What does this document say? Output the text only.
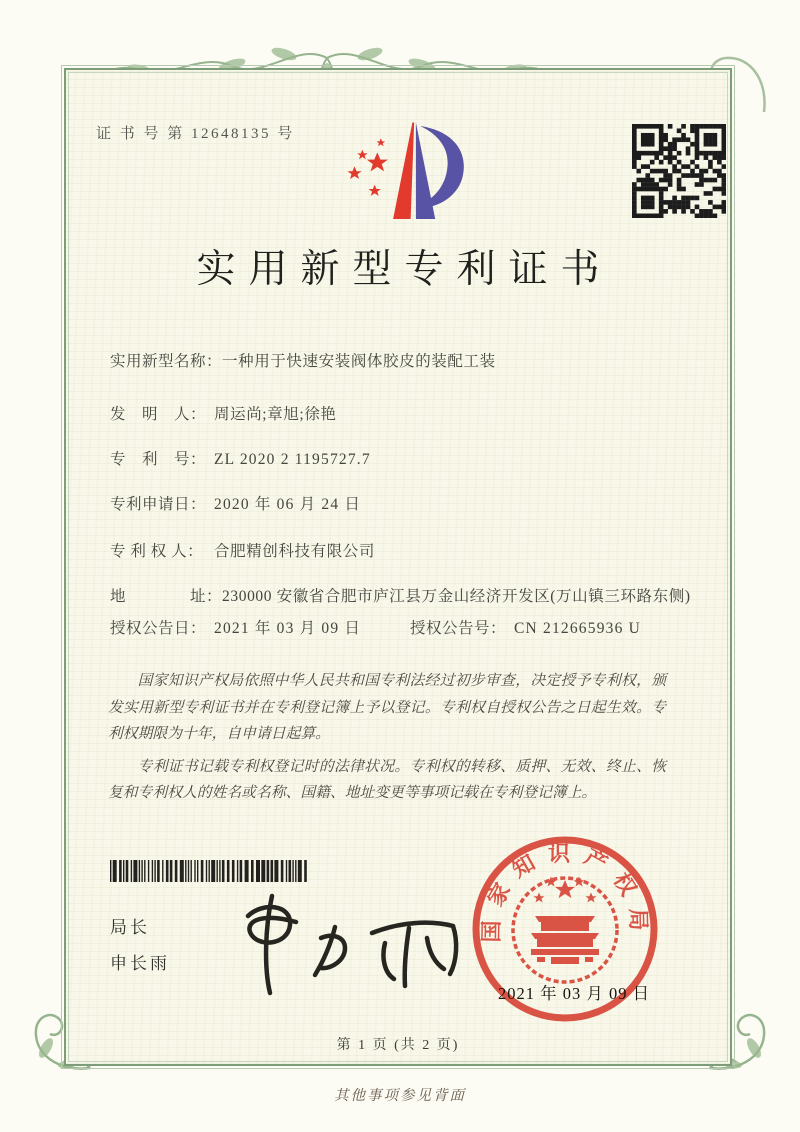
证 书 号 第 12648135 号
实用新型专利证书
实用新型名称： 一种用于快速安装阀体胶皮的装配工装
发　明　人： 周运尚;章旭;徐艳
专　利　号： ZL 2020 2 1195727.7
专利申请日： 2020 年 06 月 24 日
专 利 权 人： 合肥精创科技有限公司
地　　　　址： 230000 安徽省合肥市庐江县万金山经济开发区(万山镇三环路东侧)
授权公告日： 2021 年 03 月 09 日	授权公告号： CN 212665936 U

国家知识产权局依照中华人民共和国专利法经过初步审查，决定授予专利权，颁发实用新型专利证书并在专利登记簿上予以登记。专利权自授权公告之日起生效。专利权期限为十年，自申请日起算。

专利证书记载专利权登记时的法律状况。专利权的转移、质押、无效、终止、恢复和专利权人的姓名或名称、国籍、地址变更等事项记载在专利登记簿上。

局长
申长雨
国家知识产权局
2021 年 03 月 09 日
第 1 页 (共 2 页)
其他事项参见背面
